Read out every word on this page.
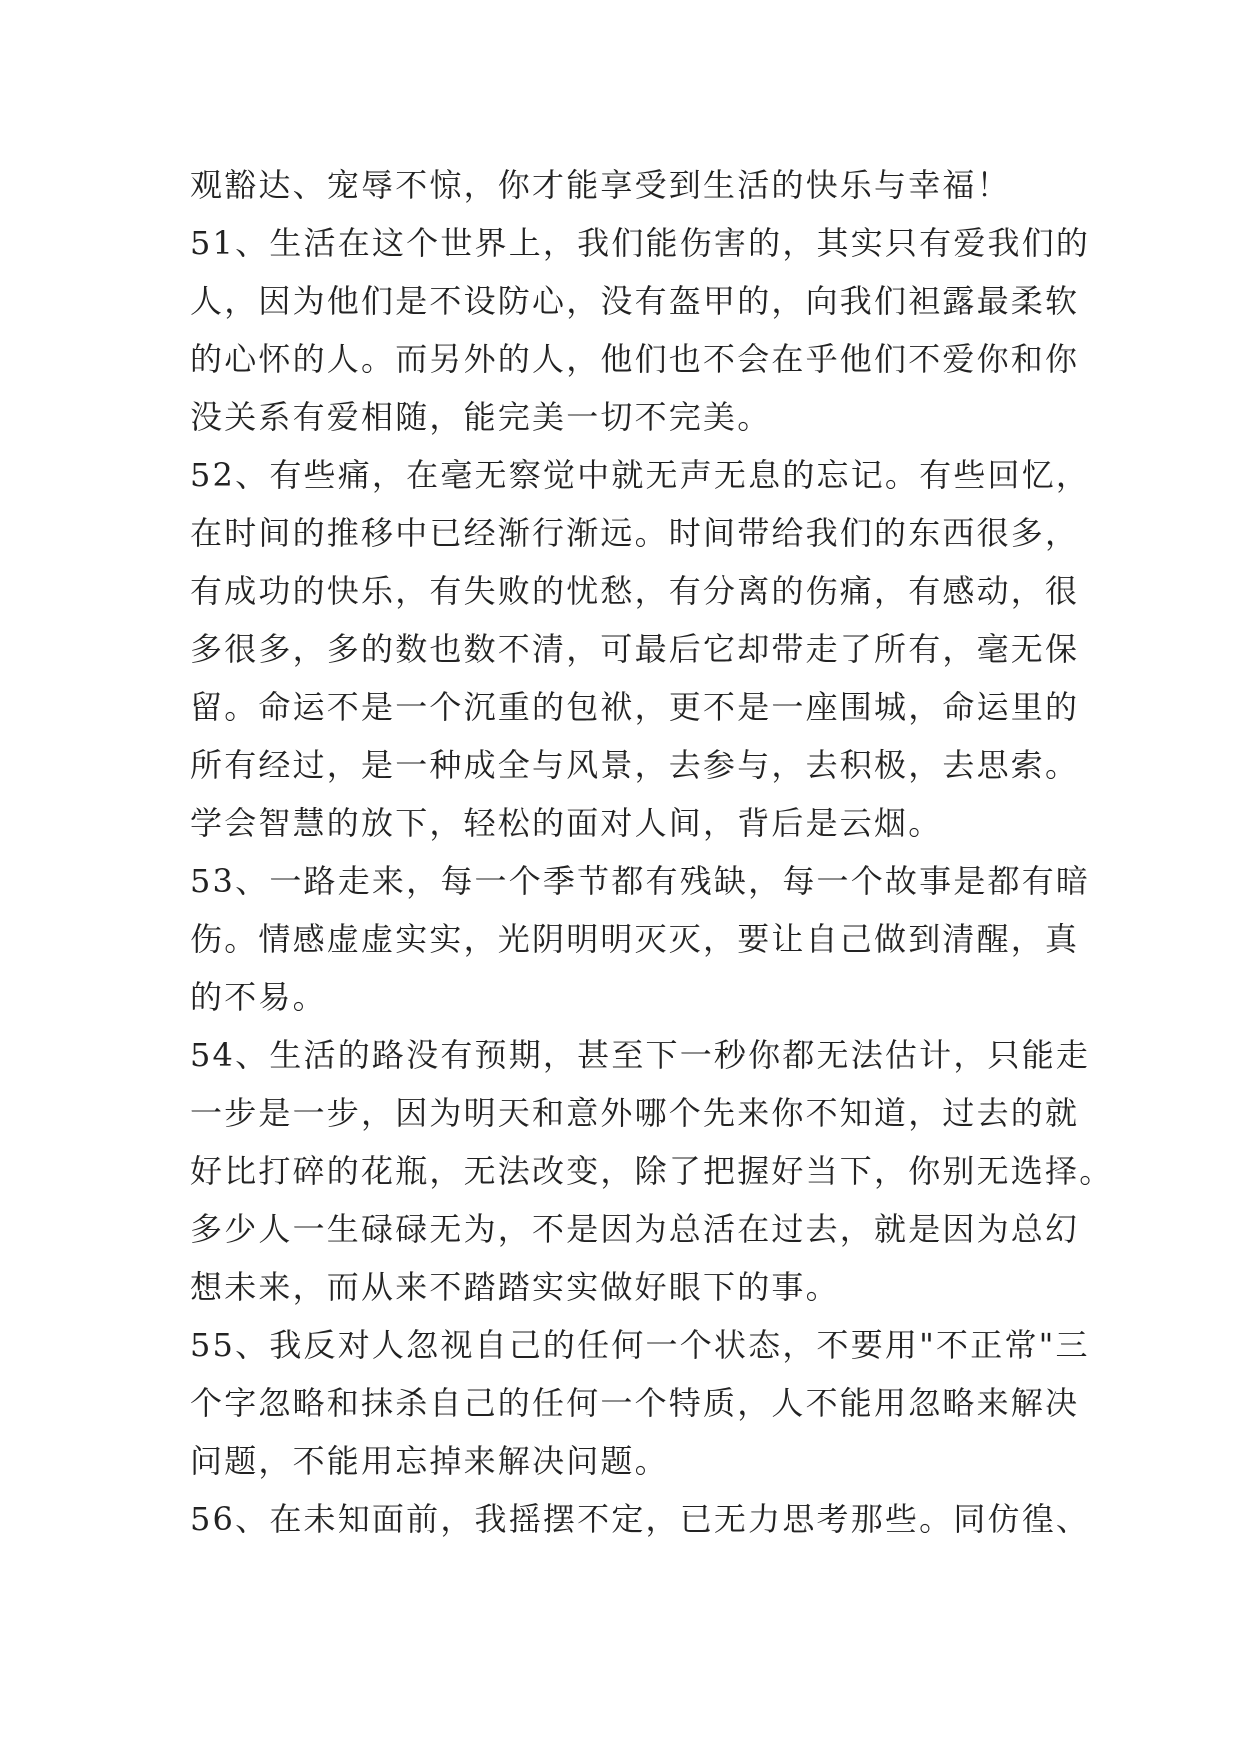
观豁达、宠辱不惊，你才能享受到生活的快乐与幸福！
51、生活在这个世界上，我们能伤害的，其实只有爱我们的
人，因为他们是不设防心，没有盔甲的，向我们袒露最柔软
的心怀的人。而另外的人，他们也不会在乎他们不爱你和你
没关系有爱相随，能完美一切不完美。
52、有些痛，在毫无察觉中就无声无息的忘记。有些回忆，
在时间的推移中已经渐行渐远。时间带给我们的东西很多，
有成功的快乐，有失败的忧愁，有分离的伤痛，有感动，很
多很多，多的数也数不清，可最后它却带走了所有，毫无保
留。命运不是一个沉重的包袱，更不是一座围城，命运里的
所有经过，是一种成全与风景，去参与，去积极，去思索。
学会智慧的放下，轻松的面对人间，背后是云烟。
53、一路走来，每一个季节都有残缺，每一个故事是都有暗
伤。情感虚虚实实，光阴明明灭灭，要让自己做到清醒，真
的不易。
54、生活的路没有预期，甚至下一秒你都无法估计，只能走
一步是一步，因为明天和意外哪个先来你不知道，过去的就
好比打碎的花瓶，无法改变，除了把握好当下，你别无选择。
多少人一生碌碌无为，不是因为总活在过去，就是因为总幻
想未来，而从来不踏踏实实做好眼下的事。
55、我反对人忽视自己的任何一个状态，不要用"不正常"三
个字忽略和抹杀自己的任何一个特质，人不能用忽略来解决
问题，不能用忘掉来解决问题。
56、在未知面前，我摇摆不定，已无力思考那些。同仿徨、
